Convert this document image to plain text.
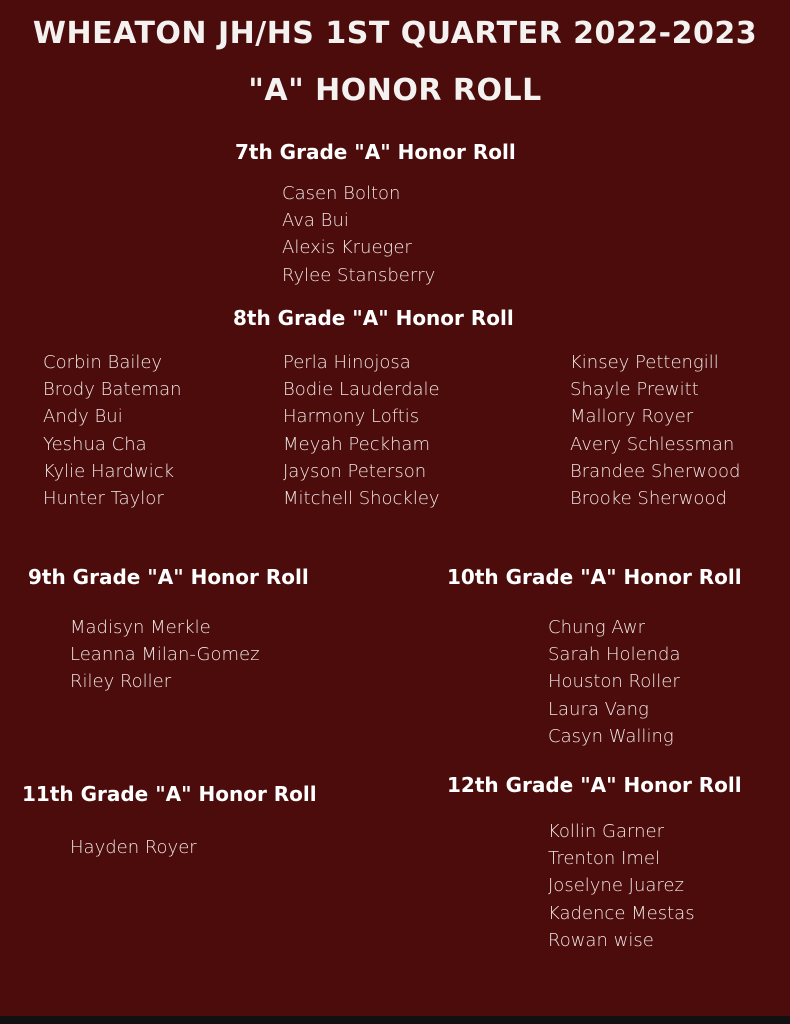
WHEATON JH/HS 1ST QUARTER 2022-2023
"A" HONOR ROLL
7th Grade "A" Honor Roll
Casen Bolton
Ava Bui
Alexis Krueger
Rylee Stansberry
8th Grade "A" Honor Roll
Corbin Bailey
Brody Bateman
Andy Bui
Yeshua Cha
Kylie Hardwick
Hunter Taylor
Perla Hinojosa
Bodie Lauderdale
Harmony Loftis
Meyah Peckham
Jayson Peterson
Mitchell Shockley
Kinsey Pettengill
Shayle Prewitt
Mallory Royer
Avery Schlessman
Brandee Sherwood
Brooke Sherwood
9th Grade "A" Honor Roll
Madisyn Merkle
Leanna Milan-Gomez
Riley Roller
10th Grade "A" Honor Roll
Chung Awr
Sarah Holenda
Houston Roller
Laura Vang
Casyn Walling
11th Grade "A" Honor Roll
Hayden Royer
12th Grade "A" Honor Roll
Kollin Garner
Trenton Imel
Joselyne Juarez
Kadence Mestas
Rowan wise
